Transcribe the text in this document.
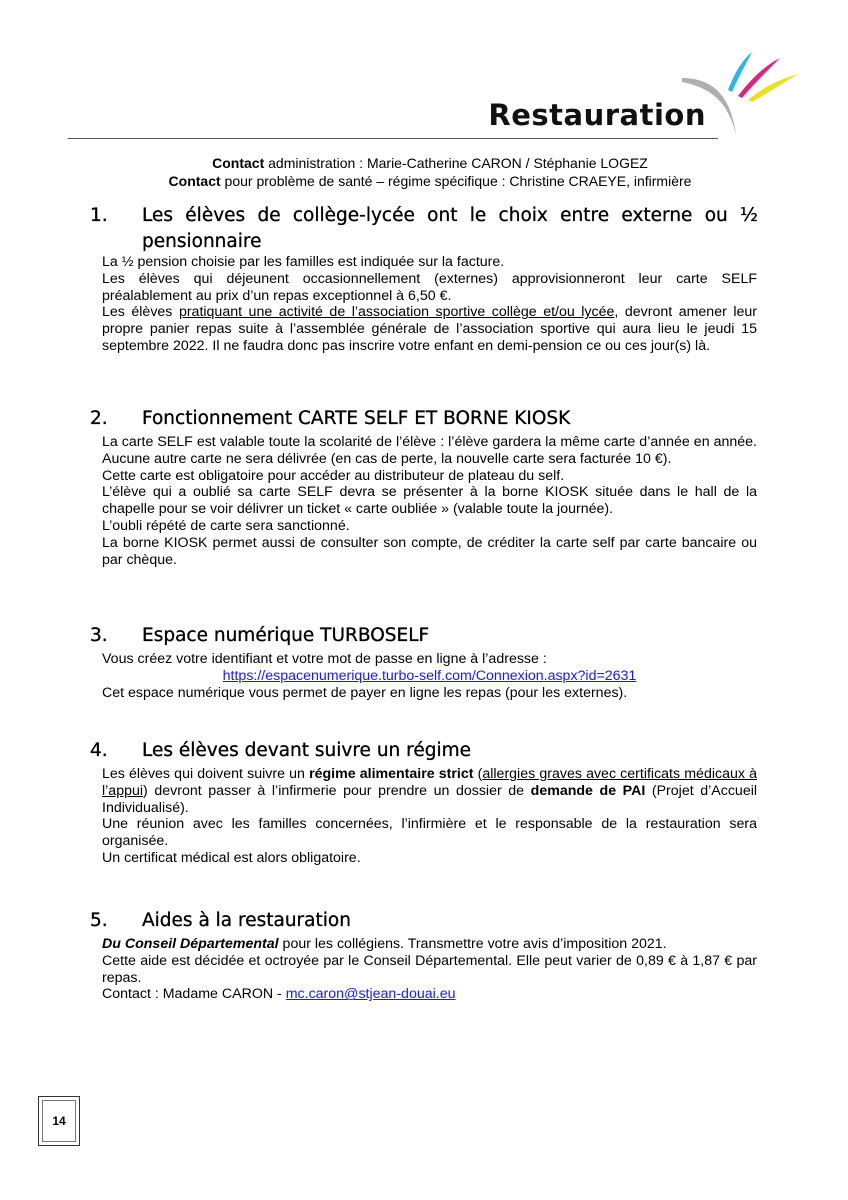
Restauration
Contact administration : Marie-Catherine CARON / Stéphanie LOGEZ
Contact pour problème de santé – régime spécifique : Christine CRAEYE, infirmière
1. Les élèves de collège-lycée ont le choix entre externe ou ½
pensionnaire

La ½ pension choisie par les familles est indiquée sur la facture.

Les élèves qui déjeunent occasionnellement (externes) approvisionneront leur carte SELF préalablement au prix d’un repas exceptionnel à 6,50 €.

Les élèves pratiquant une activité de l’association sportive collège et/ou lycée, devront amener leur propre panier repas suite à l’assemblée générale de l’association sportive qui aura lieu le jeudi 15 septembre 2022. Il ne faudra donc pas inscrire votre enfant en demi-pension ce ou ces jour(s) là.

2. Fonctionnement CARTE SELF ET BORNE KIOSK

La carte SELF est valable toute la scolarité de l’élève : l’élève gardera la même carte d’année en année. Aucune autre carte ne sera délivrée (en cas de perte, la nouvelle carte sera facturée 10 €).

Cette carte est obligatoire pour accéder au distributeur de plateau du self.

L’élève qui a oublié sa carte SELF devra se présenter à la borne KIOSK située dans le hall de la chapelle pour se voir délivrer un ticket « carte oubliée » (valable toute la journée).

L’oubli répété de carte sera sanctionné.

La borne KIOSK permet aussi de consulter son compte, de créditer la carte self par carte bancaire ou par chèque.

3. Espace numérique TURBOSELF

Vous créez votre identifiant et votre mot de passe en ligne à l’adresse :

https://espacenumerique.turbo-self.com/Connexion.aspx?id=2631

Cet espace numérique vous permet de payer en ligne les repas (pour les externes).

4. Les élèves devant suivre un régime

Les élèves qui doivent suivre un régime alimentaire strict (allergies graves avec certificats médicaux à l’appui) devront passer à l’infirmerie pour prendre un dossier de demande de PAI (Projet d’Accueil Individualisé).

Une réunion avec les familles concernées, l’infirmière et le responsable de la restauration sera organisée.

Un certificat médical est alors obligatoire.

5. Aides à la restauration

Du Conseil Départemental pour les collégiens. Transmettre votre avis d’imposition 2021.

Cette aide est décidée et octroyée par le Conseil Départemental. Elle peut varier de 0,89 € à 1,87 € par repas.

Contact : Madame CARON - mc.caron@stjean-douai.eu

14
